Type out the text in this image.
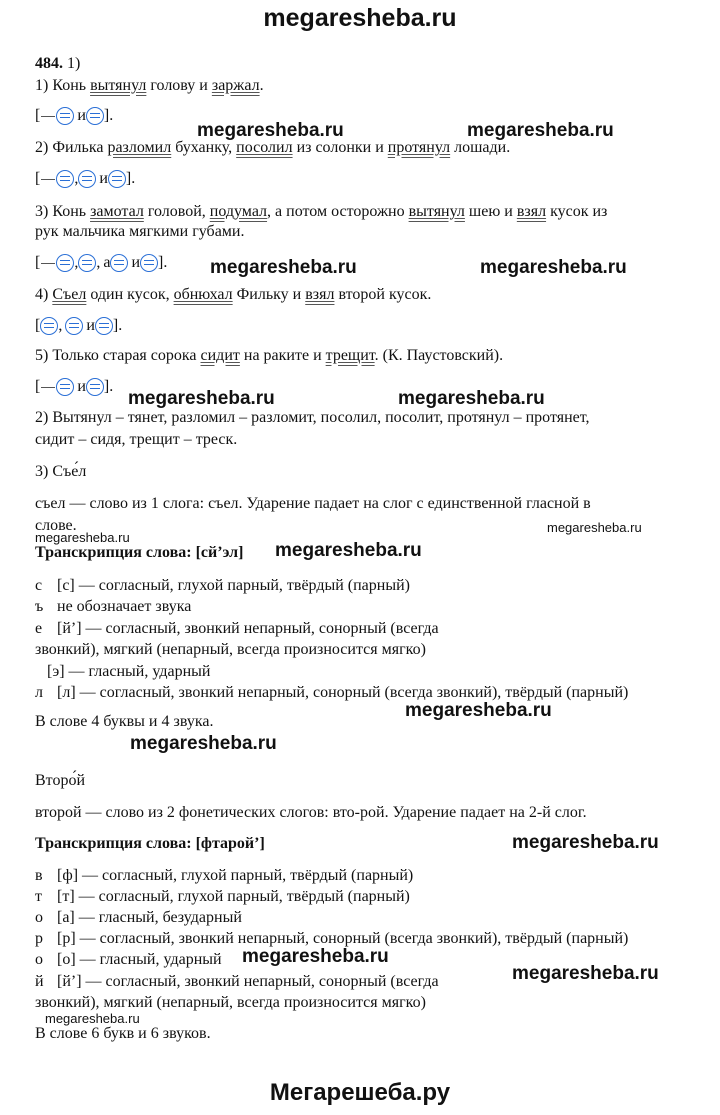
megaresheba.ru
484. 1)
1) Конь вытянул голову и заржал.
[ и ].
megaresheba.ru	megaresheba.ru
2) Филька разломил буханку, посолил из солонки и протянул лошади.
[ , и ].
3) Конь замотал головой, подумал, а потом осторожно вытянул шею и взял кусок из
рук мальчика мягкими губами.
[ , , а и ]. megaresheba.ru	megaresheba.ru
4) Съел один кусок, обнюхал Фильку и взял второй кусок.
[ , и ].
5) Только старая сорока сидит на раките и трещит. (К. Паустовский).
[ и ].
megaresheba.ru	megaresheba.ru
2) Вытянул – тянет, разломил – разломит, посолил, посолит, протянул – протянет,
сидит – сидя, трещит – треск.
3) Съе́л
съел — слово из 1 слога: съел. Ударение падает на слог с единственной гласной в
слове.	megaresheba.ru
megaresheba.ru
Транскрипция слова: [сй’эл] megaresheba.ru
с [с] — согласный, глухой парный, твёрдый (парный)
ъ не обозначает звука
е [й’] — согласный, звонкий непарный, сонорный (всегда
звонкий), мягкий (непарный, всегда произносится мягко)
[э] — гласный, ударный
л [л] — согласный, звонкий непарный, сонорный (всегда звонкий), твёрдый (парный)
В слове 4 буквы и 4 звука.
megaresheba.ru
megaresheba.ru
Второ́й
второй — слово из 2 фонетических слогов: вто-рой. Ударение падает на 2-й слог.
Транскрипция слова: [фтарой’]	megaresheba.ru
в [ф] — согласный, глухой парный, твёрдый (парный)
т [т] — согласный, глухой парный, твёрдый (парный)
о [а] — гласный, безударный
р [р] — согласный, звонкий непарный, сонорный (всегда звонкий), твёрдый (парный)
о [о] — гласный, ударный megaresheba.ru
й [й’] — согласный, звонкий непарный, сонорный (всегда	megaresheba.ru
звонкий), мягкий (непарный, всегда произносится мягко)
megaresheba.ru
В слове 6 букв и 6 звуков.
Мегарешеба.ру
